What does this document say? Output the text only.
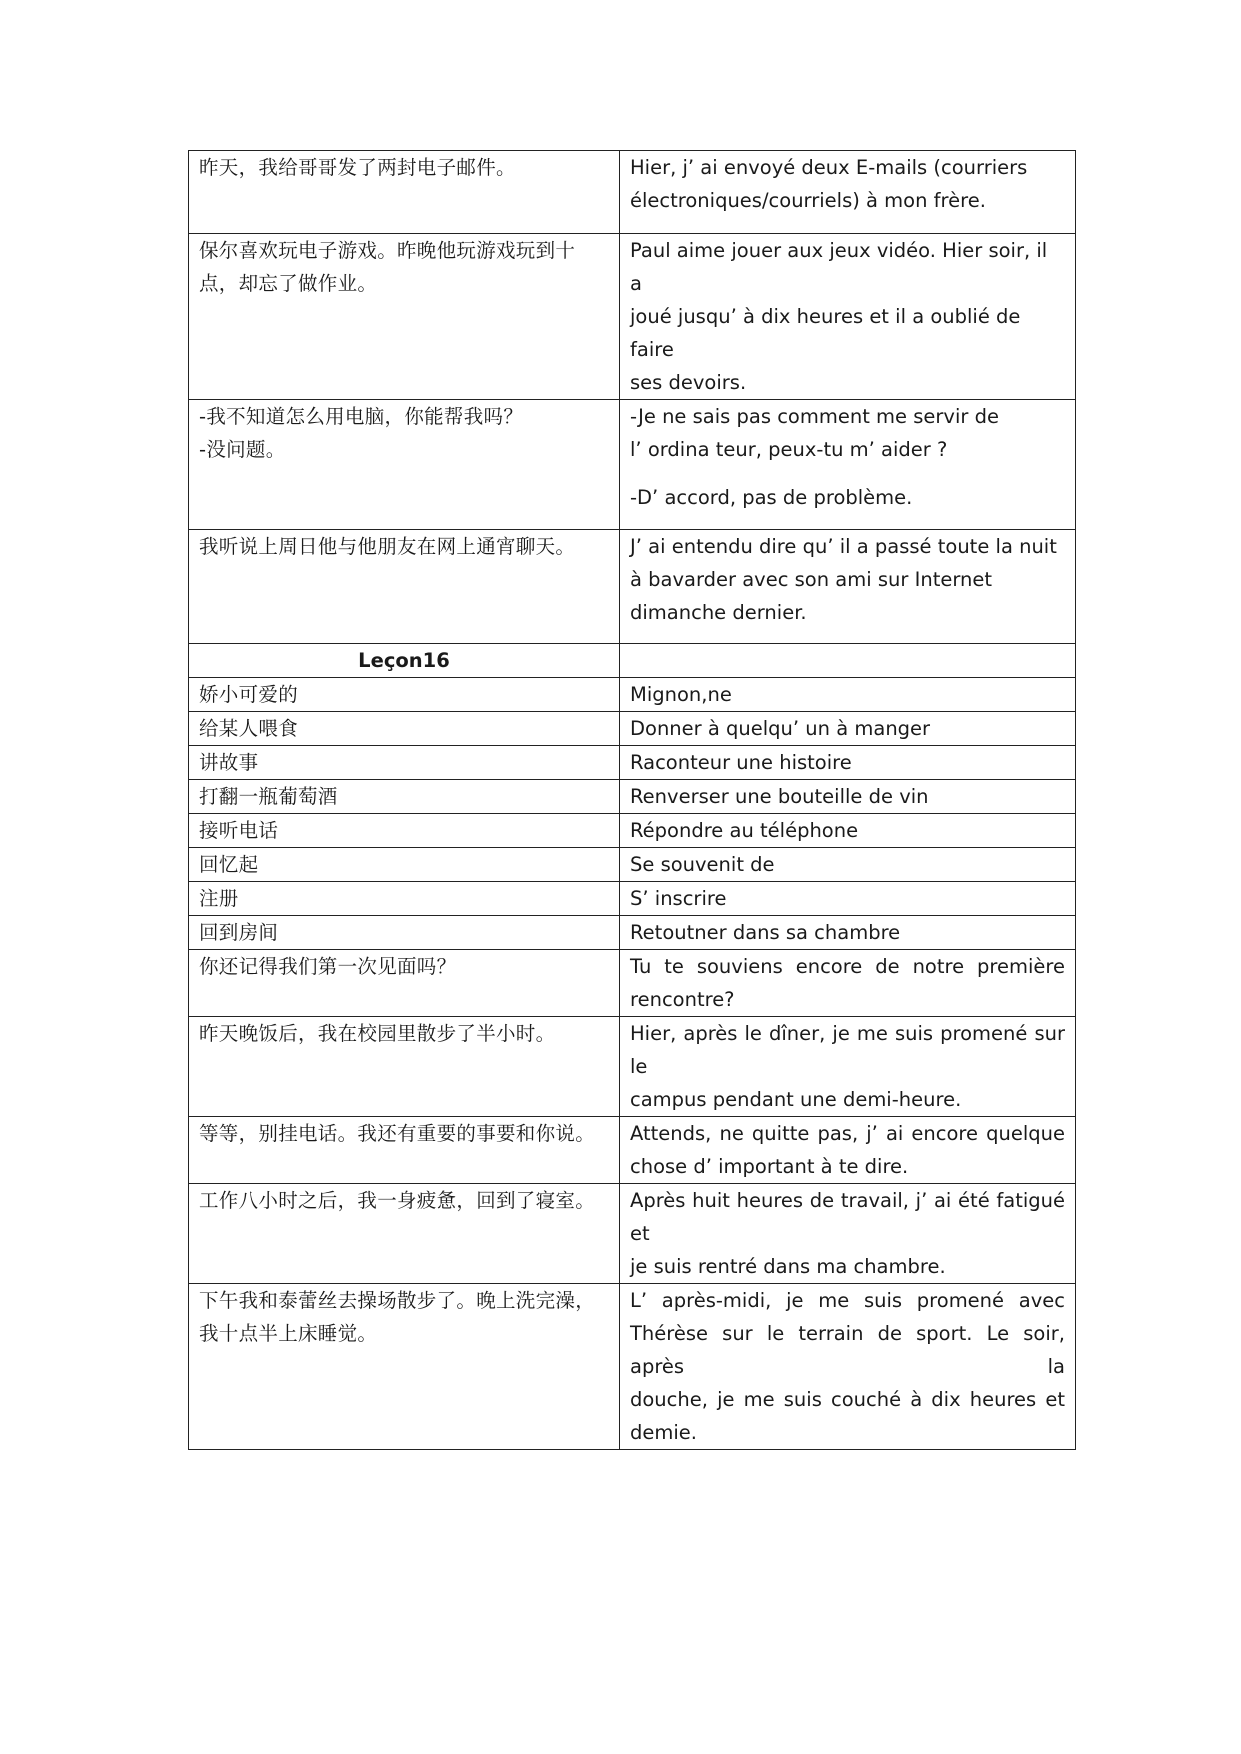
昨天，我给哥哥发了两封电子邮件。	Hier, j’ ai envoyé deux E-mails (courriers
électroniques/courriels) à mon frère.

保尔喜欢玩电子游戏。昨晚他玩游戏玩到十
点，却忘了做作业。	Paul aime jouer aux jeux vidéo. Hier soir, il a
joué jusqu’ à dix heures et il a oublié de faire
ses devoirs.

-我不知道怎么用电脑，你能帮我吗？
-没问题。	-Je ne sais pas comment me servir de
l’ ordina teur, peux-tu m’ aider ?
-D’ accord, pas de problème.

我听说上周日他与他朋友在网上通宵聊天。	J’ ai entendu dire qu’ il a passé toute la nuit
à bavarder avec son ami sur Internet
dimanche dernier.

Leçon16	
娇小可爱的	Mignon,ne
给某人喂食	Donner à quelqu’ un à manger
讲故事	Raconteur une histoire
打翻一瓶葡萄酒	Renverser une bouteille de vin
接听电话	Répondre au téléphone
回忆起	Se souvenit de
注册	S’ inscrire
回到房间	Retoutner dans sa chambre

你还记得我们第一次见面吗？	Tu te souviens encore de notre première
rencontre?

昨天晚饭后，我在校园里散步了半小时。	Hier, après le dîner, je me suis promené sur le
campus pendant une demi-heure.

等等，别挂电话。我还有重要的事要和你说。	Attends, ne quitte pas, j’ ai encore quelque
chose d’ important à te dire.

工作八小时之后，我一身疲惫，回到了寝室。	Après huit heures de travail, j’ ai été fatigué et
je suis rentré dans ma chambre.

下午我和泰蕾丝去操场散步了。晚上洗完澡，
我十点半上床睡觉。	L’ après-midi, je me suis promené avec
Thérèse sur le terrain de sport. Le soir, après la
douche, je me suis couché à dix heures et
demie.
